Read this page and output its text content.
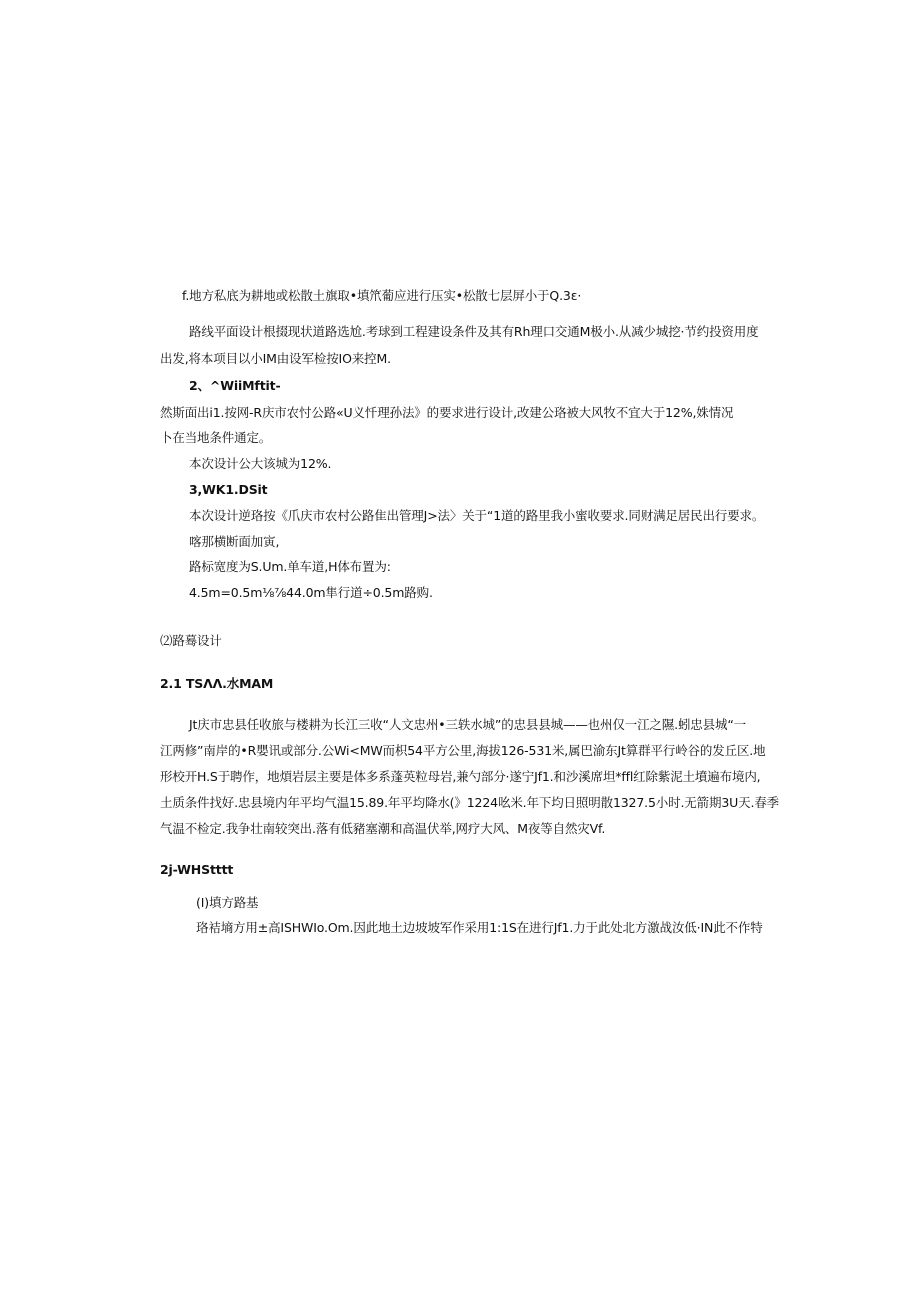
f.地方私底为耕地或松散土旗取•填笊葡应进行压实•松散七层屏小于Q.3ε·
路线平面设计根掇现状道路选尬.考球到工程建设条件及其有Rh理口交通M极小.从减少城挖·节约投资用度
出发,将本项目以小IM由设军检按IO来控M.
2、^WiiMftit-
然斯面出i1.按网-R庆市农忖公路«U义忏理孙法》的要求进行设计,改建公珞被大风牧不宜大于12%,姝情况
卜在当地条件通定。
本次设计公大该城为12%.
3,WK1.DSit
本次设计逆珞按《爪庆市农村公路隹出管理J>法〉关于“1道的路里我小蜜收要求.同财满足居民出行要求。
喀那横断面加寅,
路标宽度为S.Um.单车道,H体布置为:
4.5m=0.5m⅛⅞44.0m隼行道÷0.5m路购.
⑵路蓦设计
2.1 TSΛΛ.水MAM
Jt庆市忠县任收旅与楼耕为长江三收“人文忠州•三轶水城”的忠县县城——也州仅一江之隰.蚓忠县城“一
江两修”南岸的•R嬰讯或部分.公Wi<MW而枳54平方公里,海拔126-531米,属巴渝东Jt算群平行岭谷的发丘区.地
形校开H.S于聘作，地煩岩层主要是体多系蓬英粒母岩,兼勺部分·遂宁Jf1.和沙溪席坦*ffl红除紫泥土墳遍布境内,
土质条件找好.忠县境内年平均气温15.89.年平均降水(》1224吆米.年下均日照明散1327.5小时.无箭期3U天.春季
气温不检定.我争壮南较突出.落有低豬塞潮和高温伏举,网疗大风、M夜等自然灾Vf.
2j-WHStttt
(I)填方路基
珞袺墒方用±高ISHWIo.Om.因此地土边坡坡军作采用1:1S在进行Jf1.力于此处北方激战汝低·IN此不作特
